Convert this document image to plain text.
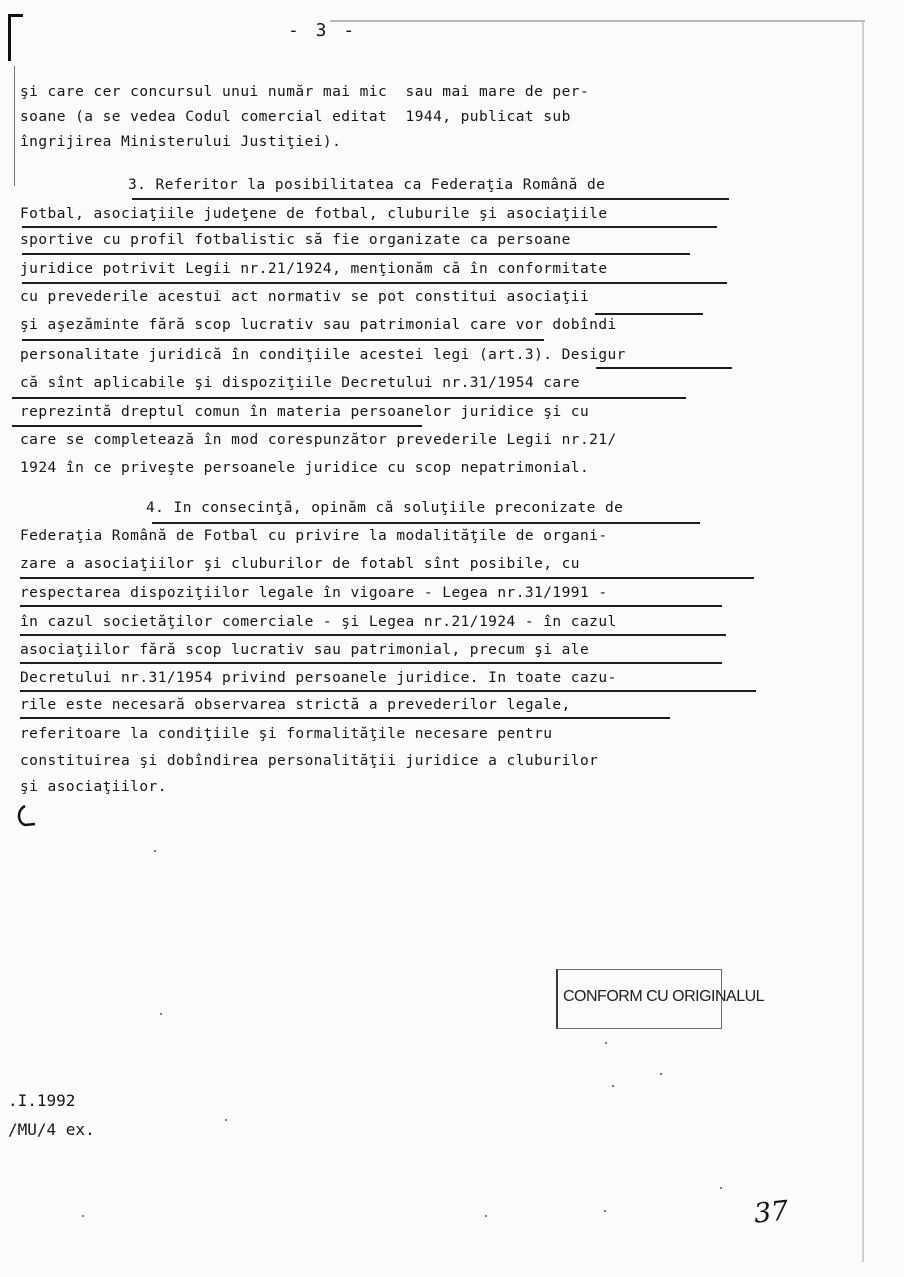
- 3 -
şi care cer concursul unui număr mai mic  sau mai mare de per-
soane (a se vedea Codul comercial editat  1944, publicat sub
îngrijirea Ministerului Justiţiei).
3. Referitor la posibilitatea ca Federaţia Română de
Fotbal, asociaţiile judeţene de fotbal, cluburile şi asociaţiile
sportive cu profil fotbalistic să fie organizate ca persoane
juridice potrivit Legii nr.21/1924, menţionăm că în conformitate
cu prevederile acestui act normativ se pot constitui asociaţii
şi aşezăminte fără scop lucrativ sau patrimonial care vor dobîndi
personalitate juridică în condiţiile acestei legi (art.3). Desigur
că sînt aplicabile şi dispoziţiile Decretului nr.31/1954 care
reprezintă dreptul comun în materia persoanelor juridice şi cu
care se completează în mod corespunzător prevederile Legii nr.21/
1924 în ce priveşte persoanele juridice cu scop nepatrimonial.
4. In consecinţă, opinăm că soluţiile preconizate de
Federaţia Română de Fotbal cu privire la modalităţile de organi-
zare a asociaţiilor şi cluburilor de fotabl sînt posibile, cu
respectarea dispoziţiilor legale în vigoare - Legea nr.31/1991 -
în cazul societăţilor comerciale - şi Legea nr.21/1924 - în cazul
asociaţiilor fără scop lucrativ sau patrimonial, precum şi ale
Decretului nr.31/1954 privind persoanele juridice. In toate cazu-
rile este necesară observarea strictă a prevederilor legale,
referitoare la condiţiile şi formalităţile necesare pentru
constituirea şi dobîndirea personalităţii juridice a cluburilor
şi asociaţiilor.
CONFORM CU ORIGINALUL
.I.1992
/MU/4 ex.
37
